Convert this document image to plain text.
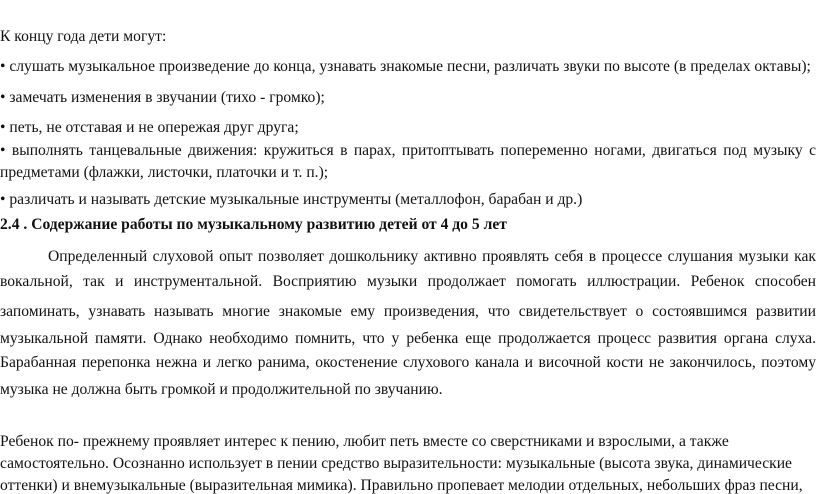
К концу года дети могут:
• слушать музыкальное произведение до конца, узнавать знакомые песни, различать звуки по высоте (в пределах октавы);
• замечать изменения в звучании (тихо - громко);
• петь, не отставая и не опережая друг друга;
• выполнять танцевальные движения: кружиться в парах, притоптывать попеременно ногами, двигаться под музыку с
предметами (флажки, листочки, платочки и т. п.);
• различать и называть детские музыкальные инструменты (металлофон, барабан и др.)
2.4 . Содержание работы по музыкальному развитию детей от 4 до 5 лет
Определенный слуховой опыт позволяет дошкольнику активно проявлять себя в процессе слушания музыки как
вокальной, так и инструментальной. Восприятию музыки продолжает помогать иллюстрации. Ребенок способен
запоминать, узнавать называть многие знакомые ему произведения, что свидетельствует о состоявшимся развитии
музыкальной памяти. Однако необходимо помнить, что у ребенка еще продолжается процесс развития органа слуха.
Барабанная перепонка нежна и легко ранима, окостенение слухового канала и височной кости не закончилось, поэтому
музыка не должна быть громкой и продолжительной по звучанию.
Ребенок по- прежнему проявляет интерес к пению, любит петь вместе со сверстниками и взрослыми, а также
самостоятельно. Осознанно использует в пении средство выразительности: музыкальные (высота звука, динамические
оттенки) и внемузыкальные (выразительная мимика). Правильно пропевает мелодии отдельных, небольших фраз песни,
